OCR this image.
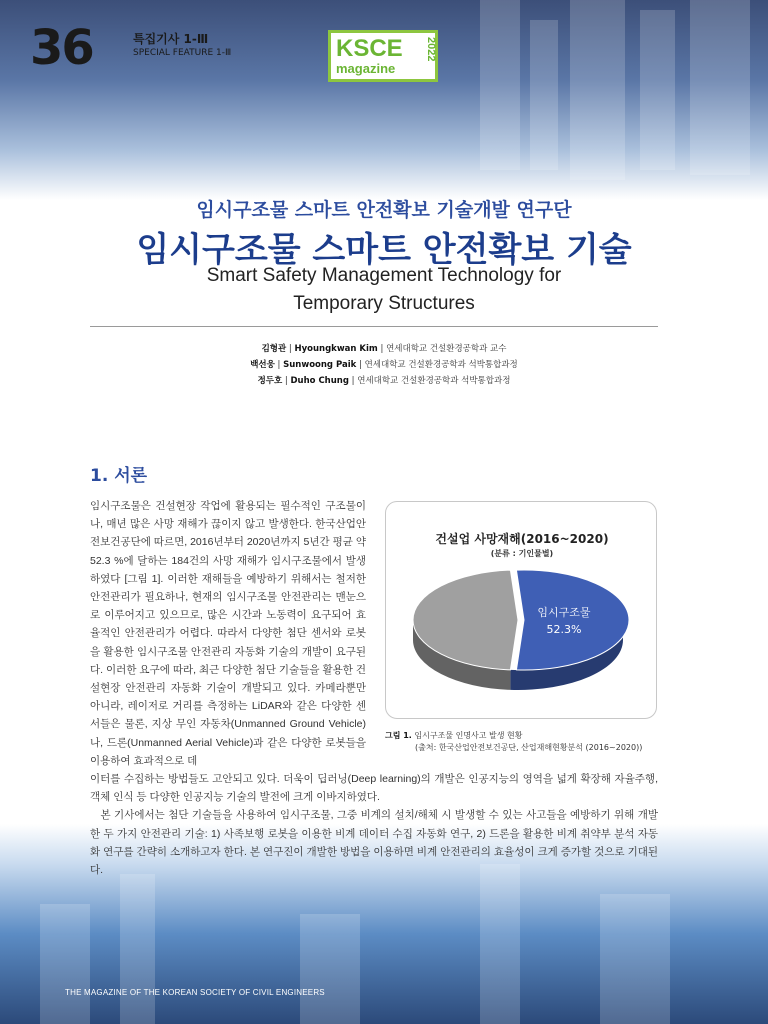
36	특집기사 1-Ⅲ
SPECIAL FEATURE 1-Ⅲ	KSCE
magazine
2022
임시구조물 스마트 안전확보 기술개발 연구단
임시구조물 스마트 안전확보 기술
Smart Safety Management Technology for
Temporary Structures
김형관 | Hyoungkwan Kim | 연세대학교 건설환경공학과 교수
백선웅 | Sunwoong Paik | 연세대학교 건설환경공학과 석박통합과정
정두호 | Duho Chung | 연세대학교 건설환경공학과 석박통합과정
1. 서론
임시구조물은 건설현장 작업에 활용되는 필수적인 구조물이나, 매년 많은 사망 재해가 끊이지 않고 발생한다. 한국산업안전보건공단에 따르면, 2016년부터 2020년까지 5년간 평균 약 52.3 %에 달하는 184건의 사망 재해가 임시구조물에서 발생하였다 [그림 1]. 이러한 재해들을 예방하기 위해서는 철저한 안전관리가 필요하나, 현재의 임시구조물 안전관리는 맨눈으로 이루어지고 있으므로, 많은 시간과 노동력이 요구되어 효율적인 안전관리가 어렵다. 따라서 다양한 첨단 센서와 로봇을 활용한 임시구조물 안전관리 자동화 기술의 개발이 요구된다. 이러한 요구에 따라, 최근 다양한 첨단 기술들을 활용한 건설현장 안전관리 자동화 기술이 개발되고 있다. 카메라뿐만 아니라, 레이저로 거리를 측정하는 LiDAR와 같은 다양한 센서들은 물론, 지상 무인 자동차(Unmanned Ground Vehicle)나, 드론(Unmanned Aerial Vehicle)과 같은 다양한 로봇들을 이용하여 효과적으로 데
건설업 사망재해(2016~2020)
(분류 : 기인물별)
임시구조물
52.3%
그림 1. 임시구조물 인명사고 발생 현황
(출처: 한국산업안전보건공단, 산업재해현황분석 (2016~2020))
이터를 수집하는 방법들도 고안되고 있다. 더욱이 딥러닝(Deep learning)의 개발은 인공지능의 영역을 넓게 확장해 자율주행, 객체 인식 등 다양한 인공지능 기술의 발전에 크게 이바지하였다.
본 기사에서는 첨단 기술들을 사용하여 임시구조물, 그중 비계의 설치/해체 시 발생할 수 있는 사고들을 예방하기 위해 개발한 두 가지 안전관리 기술: 1) 사족보행 로봇을 이용한 비계 데이터 수집 자동화 연구, 2) 드론을 활용한 비계 취약부 분석 자동화 연구를 간략히 소개하고자 한다. 본 연구진이 개발한 방법을 이용하면 비계 안전관리의 효율성이 크게 증가할 것으로 기대된다.
THE MAGAZINE OF THE KOREAN SOCIETY OF CIVIL ENGINEERS
